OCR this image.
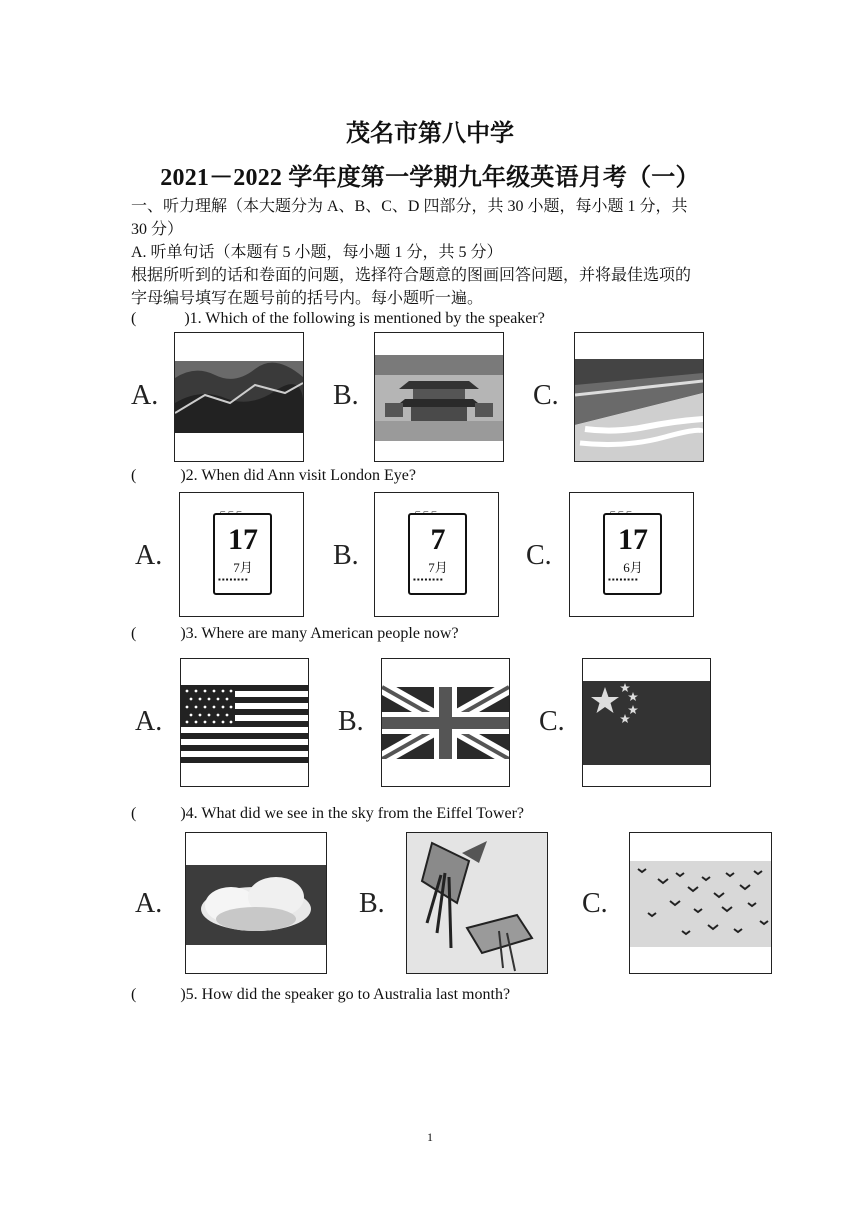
茂名市第八中学
2021－2022 学年度第一学期九年级英语月考（一）
一、听力理解（本大题分为 A、B、C、D 四部分，共 30 小题，每小题 1 分，共
30 分）
A. 听单句话（本题有 5 小题，每小题 1 分，共 5 分）
根据所听到的话和卷面的问题，选择符合题意的图画回答问题，并将最佳选项的
字母编号填写在题号前的括号内。每小题听一遍。
(            )1. Which of the following is mentioned by the speaker?
A.	B.	C.
(           )2. When did Ann visit London Eye?
A.
⌐ ⌐ ⌐
17
7月
▪▪▪▪▪▪▪▪
B.
⌐ ⌐ ⌐
7
7月
▪▪▪▪▪▪▪▪
C.
⌐ ⌐ ⌐
17
6月
▪▪▪▪▪▪▪▪
(           )3. Where are many American people now?
A.	B.	C.
(           )4. What did we see in the sky from the Eiffel Tower?
A.	B.	C.
(           )5. How did the speaker go to Australia last month?
1
